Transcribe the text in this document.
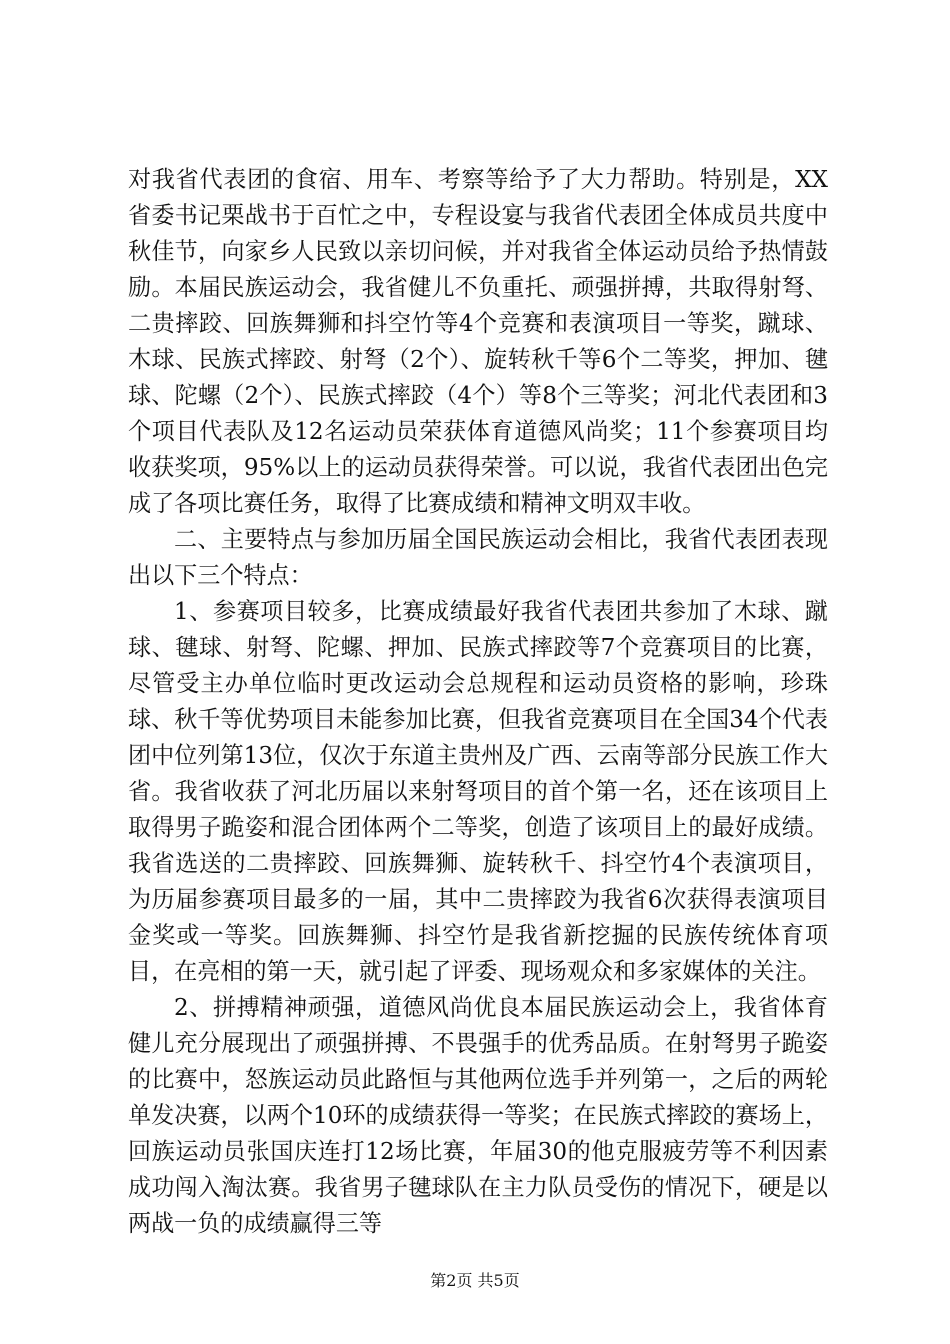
对我省代表团的食宿、用车、考察等给予了大力帮助。特别是，XX省委书记栗战书于百忙之中，专程设宴与我省代表团全体成员共度中秋佳节，向家乡人民致以亲切问候，并对我省全体运动员给予热情鼓励。本届民族运动会，我省健儿不负重托、顽强拼搏，共取得射弩、二贵摔跤、回族舞狮和抖空竹等4个竞赛和表演项目一等奖，蹴球、木球、民族式摔跤、射弩（2个）、旋转秋千等6个二等奖，押加、毽球、陀螺（2个）、民族式摔跤（4个）等8个三等奖；河北代表团和3个项目代表队及12名运动员荣获体育道德风尚奖；11个参赛项目均收获奖项，95%以上的运动员获得荣誉。可以说，我省代表团出色完成了各项比赛任务，取得了比赛成绩和精神文明双丰收。

二、主要特点与参加历届全国民族运动会相比，我省代表团表现出以下三个特点：

1、参赛项目较多，比赛成绩最好我省代表团共参加了木球、蹴球、毽球、射弩、陀螺、押加、民族式摔跤等7个竞赛项目的比赛，尽管受主办单位临时更改运动会总规程和运动员资格的影响，珍珠球、秋千等优势项目未能参加比赛，但我省竞赛项目在全国34个代表团中位列第13位，仅次于东道主贵州及广西、云南等部分民族工作大省。我省收获了河北历届以来射弩项目的首个第一名，还在该项目上取得男子跪姿和混合团体两个二等奖，创造了该项目上的最好成绩。我省选送的二贵摔跤、回族舞狮、旋转秋千、抖空竹4个表演项目，为历届参赛项目最多的一届，其中二贵摔跤为我省6次获得表演项目金奖或一等奖。回族舞狮、抖空竹是我省新挖掘的民族传统体育项目，在亮相的第一天，就引起了评委、现场观众和多家媒体的关注。

2、拼搏精神顽强，道德风尚优良本届民族运动会上，我省体育健儿充分展现出了顽强拼搏、不畏强手的优秀品质。在射弩男子跪姿的比赛中，怒族运动员此路恒与其他两位选手并列第一，之后的两轮单发决赛，以两个10环的成绩获得一等奖；在民族式摔跤的赛场上，回族运动员张国庆连打12场比赛，年届30的他克服疲劳等不利因素成功闯入淘汰赛。我省男子毽球队在主力队员受伤的情况下，硬是以两战一负的成绩赢得三等

第2页 共5页
